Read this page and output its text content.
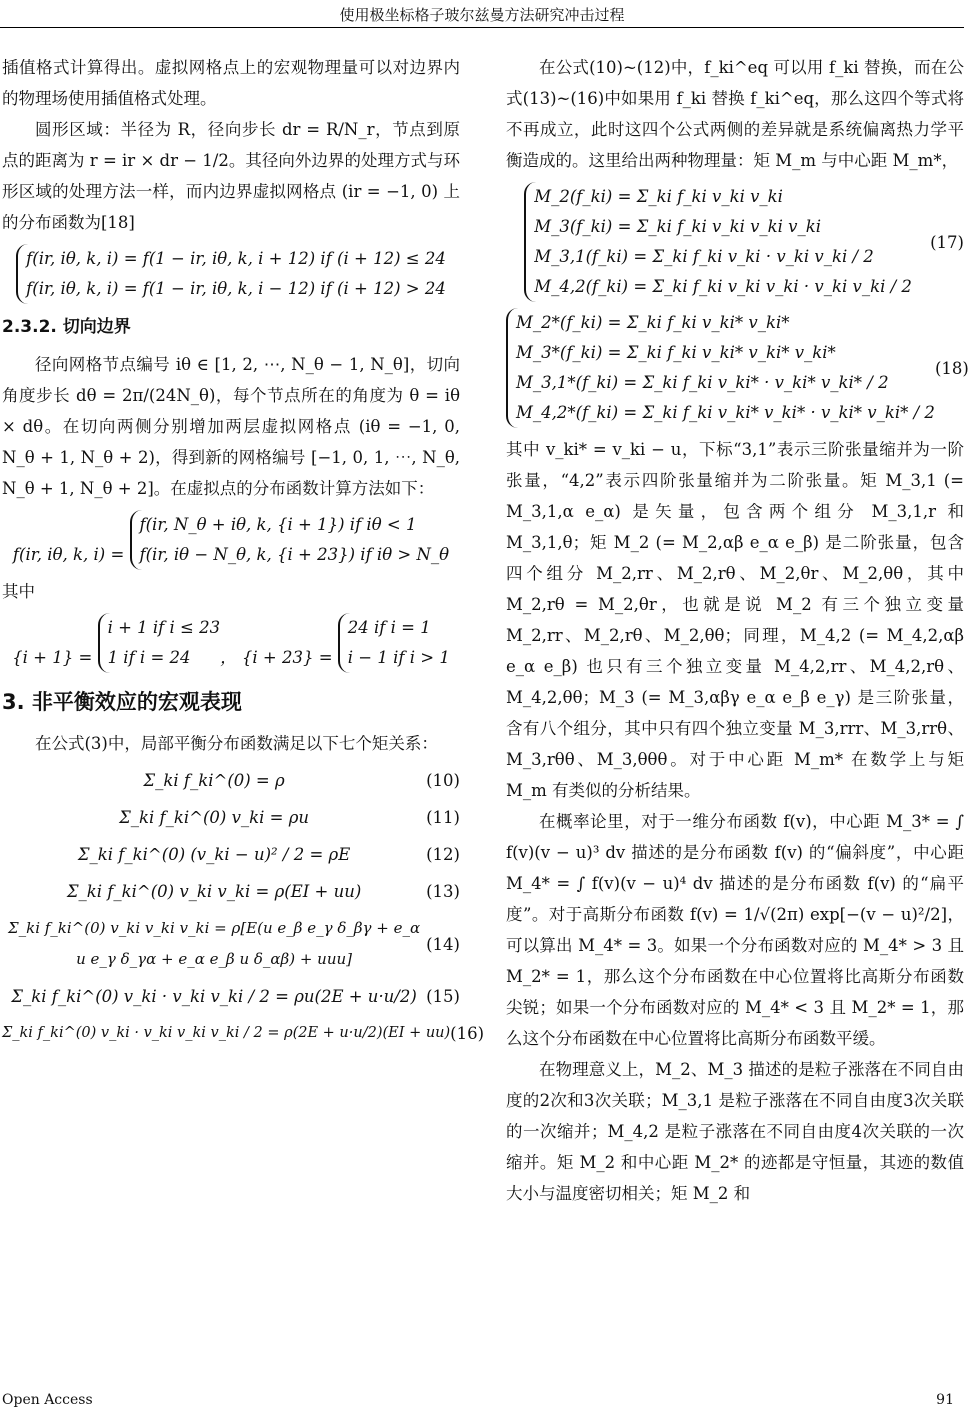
使用极坐标格子玻尔兹曼方法研究冲击过程

插值格式计算得出。虚拟网格点上的宏观物理量可以对边界内的物理场使用插值格式处理。

圆形区域：半径为 R，径向步长 dr = R/N_r，节点到原点的距离为 r = ir × dr − 1/2。其径向外边界的处理方式与环形区域的处理方法一样，而内边界虚拟网格点 (ir = −1, 0) 上的分布函数为[18]

f(ir, iθ, k, i) = f(1 − ir, iθ, k, i + 12) if (i + 12) ≤ 24
f(ir, iθ, k, i) = f(1 − ir, iθ, k, i − 12) if (i + 12) > 24
2.3.2. 切向边界

径向网格节点编号 iθ ∈ [1, 2, ⋯, N_θ − 1, N_θ]，切向角度步长 dθ = 2π/(24N_θ)，每个节点所在的角度为 θ = iθ × dθ。在切向两侧分别增加两层虚拟网格点 (iθ = −1, 0, N_θ + 1, N_θ + 2)，得到新的网格编号 [−1, 0, 1, ⋯, N_θ, N_θ + 1, N_θ + 2]。在虚拟点的分布函数计算方法如下：

f(ir, iθ, k, i) = f(ir, N_θ + iθ, k, {i + 1}) if iθ < 1
f(ir, iθ − N_θ, k, {i + 23}) if iθ > N_θ

其中

{i + 1} = i + 1 if i ≤ 23
1 if i = 24 ， {i + 23} = 24 if i = 1
i − 1 if i > 1
3. 非平衡效应的宏观表现

在公式(3)中，局部平衡分布函数满足以下七个矩关系：

Σ_ki f_ki^(0) = ρ	(10)
Σ_ki f_ki^(0) v_ki = ρu	(11)
Σ_ki f_ki^(0) (v_ki − u)² / 2 = ρE	(12)
Σ_ki f_ki^(0) v_ki v_ki = ρ(EI + uu)	(13)
Σ_ki f_ki^(0) v_ki v_ki v_ki = ρ[E(u e_β e_γ δ_βγ + e_α u e_γ δ_γα + e_α e_β u δ_αβ) + uuu]
(14)
Σ_ki f_ki^(0) v_ki · v_ki v_ki / 2 = ρu(2E + u·u/2) (15)
Σ_ki f_ki^(0) v_ki · v_ki v_ki v_ki / 2 = ρ(2E + u·u/2)(EI + uu) (16)

在公式(10)~(12)中，f_ki^eq 可以用 f_ki 替换，而在公式(13)~(16)中如果用 f_ki 替换 f_ki^eq，那么这四个等式将不再成立，此时这四个公式两侧的差异就是系统偏离热力学平衡造成的。这里给出两种物理量：矩 M_m 与中心距 M_m*，

M_2(f_ki) = Σ_ki f_ki v_ki v_ki
M_3(f_ki) = Σ_ki f_ki v_ki v_ki v_ki
M_3,1(f_ki) = Σ_ki f_ki v_ki · v_ki v_ki / 2
M_4,2(f_ki) = Σ_ki f_ki v_ki v_ki · v_ki v_ki / 2
(17)
M_2*(f_ki) = Σ_ki f_ki v_ki* v_ki*
M_3*(f_ki) = Σ_ki f_ki v_ki* v_ki* v_ki*
M_3,1*(f_ki) = Σ_ki f_ki v_ki* · v_ki* v_ki* / 2
M_4,2*(f_ki) = Σ_ki f_ki v_ki* v_ki* · v_ki* v_ki* / 2
(18)

其中 v_ki* = v_ki − u，下标“3,1”表示三阶张量缩并为一阶张量，“4,2”表示四阶张量缩并为二阶张量。矩 M_3,1 (= M_3,1,α e_α) 是矢量，包含两个组分 M_3,1,r 和 M_3,1,θ；矩 M_2 (= M_2,αβ e_α e_β) 是二阶张量，包含四个组分 M_2,rr、M_2,rθ、M_2,θr、M_2,θθ，其中 M_2,rθ = M_2,θr，也就是说 M_2 有三个独立变量 M_2,rr、M_2,rθ、M_2,θθ；同理，M_4,2 (= M_4,2,αβ e_α e_β) 也只有三个独立变量 M_4,2,rr、M_4,2,rθ、M_4,2,θθ；M_3 (= M_3,αβγ e_α e_β e_γ) 是三阶张量，含有八个组分，其中只有四个独立变量 M_3,rrr、M_3,rrθ、M_3,rθθ、M_3,θθθ。对于中心距 M_m* 在数学上与矩 M_m 有类似的分析结果。

在概率论里，对于一维分布函数 f(v)，中心距 M_3* = ∫ f(v)(v − u)³ dv 描述的是分布函数 f(v) 的“偏斜度”，中心距 M_4* = ∫ f(v)(v − u)⁴ dv 描述的是分布函数 f(v) 的“扁平度”。对于高斯分布函数 f(v) = 1/√(2π) exp[−(v − u)²/2]，可以算出 M_4* = 3。如果一个分布函数对应的 M_4* > 3 且 M_2* = 1，那么这个分布函数在中心位置将比高斯分布函数尖锐；如果一个分布函数对应的 M_4* < 3 且 M_2* = 1，那么这个分布函数在中心位置将比高斯分布函数平缓。

在物理意义上，M_2、M_3 描述的是粒子涨落在不同自由度的2次和3次关联；M_3,1 是粒子涨落在不同自由度3次关联的一次缩并；M_4,2 是粒子涨落在不同自由度4次关联的一次缩并。矩 M_2 和中心距 M_2* 的迹都是守恒量，其迹的数值大小与温度密切相关；矩 M_2 和

Open Access	91
